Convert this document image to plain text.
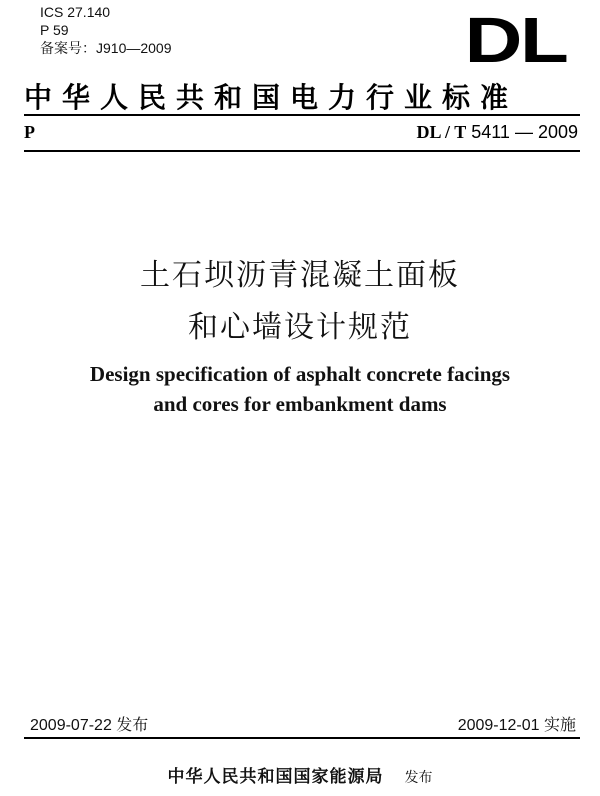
ICS 27.140
P 59
备案号：J910—2009	DL
中华人民共和国电力行业标准
P	DL / T 5411 — 2009
土石坝沥青混凝土面板
和心墙设计规范
Design specification of asphalt concrete facings
and cores for embankment dams
2009-07-22 发布	2009-12-01 实施
中华人民共和国国家能源局 发布
